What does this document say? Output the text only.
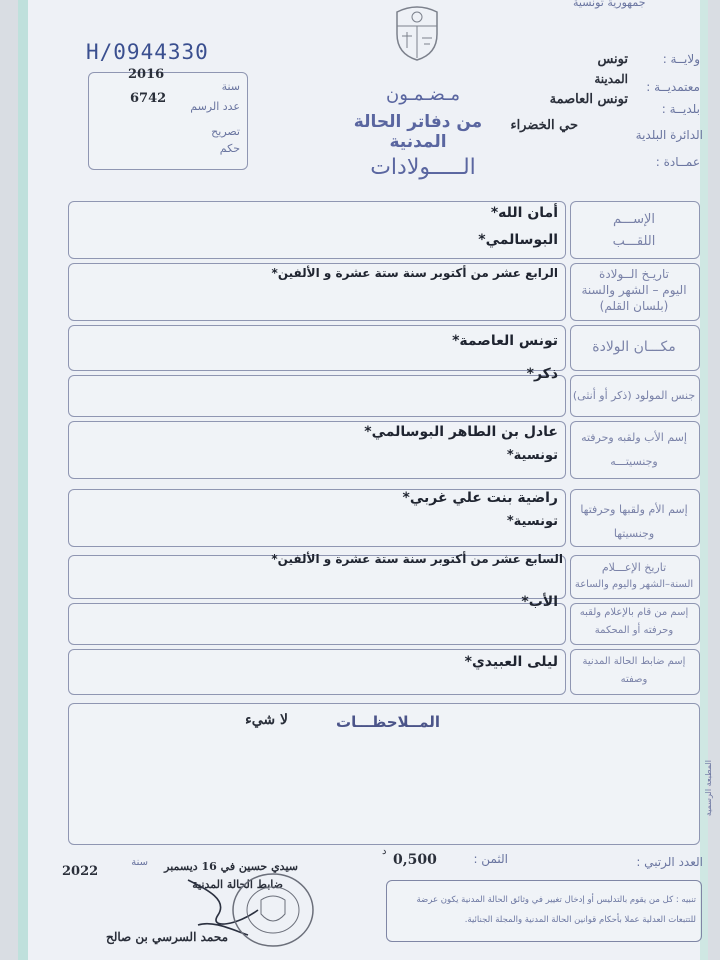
ﺟﻤﻬﻮﺭﻳﺔ ﺗﻮﻧﺴﻴﺔ
H/0944330
2016
6742
ﺳﻨﺔ
ﻋﺪﺩ ﺍﻟﺮﺳﻢ
ﺗﺼﺮﻳﺢ
ﺣﻜﻢ
ﻭﻻﻳــﺔ :
ﻣﻌﺘﻤﺪﻳــﺔ :
ﺑﻠﺪﻳــﺔ :
ﺍﻟﺪﺍﺋﺮﺓ ﺍﻟﺒﻠﺪﻳﺔ
ﻋﻤــﺎﺩﺓ :
ﺗﻮﻧﺲ
ﺍﻟﻤﺪﻳﻨﺔ
ﺗﻮﻧﺲ ﺍﻟﻌﺎﺻﻤﺔ
ﺣﻲ ﺍﻟﺨﻀﺮﺍﺀ
ﻣـﻀـﻤـﻮﻥ
ﻣﻦ ﺩﻓﺎﺗﺮ ﺍﻟﺤﺎﻟﺔ ﺍﻟﻤﺪﻧﻴﺔ
ﺍﻟـــــﻮﻻﺩﺍﺕ
ﺍﻹﺳـــﻢ
ﺍﻟﻠﻘـــﺐ
ﺃﻣﺎﻥ ﺍﻟﻠﻪ*
ﺍﻟﺒﻮﺳﺎﻟﻤﻲ*
ﺗﺎﺭﻳـﺦ ﺍﻟــﻮﻻﺩﺓ
ﺍﻟﻴﻮﻡ – ﺍﻟﺸﻬﺮ ﻭﺍﻟﺴﻨﺔ
(ﺑﻠﺴﺎﻥ ﺍﻟﻘﻠﻢ)
ﺍﻟﺮﺍﺑﻊ ﻋﺸﺮ ﻣﻦ ﺃﻛﺘﻮﺑﺮ ﺳﻨﺔ ﺳﺘﺔ ﻋﺸﺮﺓ ﻭ ﺍﻷﻟﻔﻴﻦ*
ﻣﻜـــﺎﻥ ﺍﻟﻮﻻﺩﺓ
ﺗﻮﻧﺲ ﺍﻟﻌﺎﺻﻤﺔ*
ﺟﻨﺲ ﺍﻟﻤﻮﻟﻮﺩ (ﺫﻛﺮ ﺃﻭ ﺃﻧﺜﻰ)
ﺫﻛﺮ*
ﺇﺳﻢ ﺍﻷﺏ ﻭﻟﻘﺒﻪ ﻭﺣﺮﻓﺘﻪ
ﻭﺟﻨﺴﻴﺘـــﻪ
ﻋﺎﺩﻝ ﺑﻦ ﺍﻟﻄﺎﻫﺮ ﺍﻟﺒﻮﺳﺎﻟﻤﻲ*
ﺗﻮﻧﺴﻴﺔ*
ﺇﺳﻢ ﺍﻷﻡ ﻭﻟﻘﺒﻬﺎ ﻭﺣﺮﻓﺘﻬﺎ
ﻭﺟﻨﺴﻴﺘﻬﺎ
ﺭﺍﺿﻴﺔ ﺑﻨﺖ ﻋﻠﻲ ﻏﺮﺑﻲ*
ﺗﻮﻧﺴﻴﺔ*
ﺗﺎﺭﻳﺦ ﺍﻹﻋـــﻼﻡ
ﺍﻟﺴﻨﺔ–ﺍﻟﺸﻬﺮ ﻭﺍﻟﻴﻮﻡ ﻭﺍﻟﺴﺎﻋﺔ
ﺍﻟﺴﺎﺑﻊ ﻋﺸﺮ ﻣﻦ ﺃﻛﺘﻮﺑﺮ ﺳﻨﺔ ﺳﺘﺔ ﻋﺸﺮﺓ ﻭ ﺍﻷﻟﻔﻴﻦ*
ﺇﺳﻢ ﻣﻦ ﻗﺎﻡ ﺑﺎﻹﻋﻼﻡ ﻭﻟﻘﺒﻪ
ﻭﺣﺮﻓﺘﻪ ﺃﻭ ﺍﻟﻤﺤﻜﻤﺔ
ﺍﻷﺏ*
ﺇﺳﻢ ﺿﺎﺑﻂ ﺍﻟﺤﺎﻟﺔ ﺍﻟﻤﺪﻧﻴﺔ
ﻭﺻﻔﺘﻪ
ﻟﻴﻠﻰ ﺍﻟﻌﺒﻴﺪﻱ*
ﺍﻟﻤــﻼﺣﻈـــﺎﺕ
ﻻ ﺷﻲﺀ
ﺍﻟﻤﻄﺒﻌﺔ ﺍﻟﺮﺳﻤﻴﺔ
ﺍﻟﻌﺪﺩ ﺍﻟﺮﺗﺒﻲ :
ﺍﻟﺜﻤﻦ :
0,500
ﺩ
ﺳﻴﺪﻱ ﺣﺴﻴﻦ ﻓﻲ 16 ﺩﻳﺴﻤﺒﺮ
ﺳﻨﺔ
2022
ﺿﺎﺑﻂ ﺍﻟﺤﺎﻟﺔ ﺍﻟﻤﺪﻧﻴﺔ
ﻣﺤﻤﺪ ﺍﻟﺴﺮﺳﻲ ﺑﻦ ﺻﺎﻟﺢ
ﺗﻨﺒﻴﻪ : ﻛﻞ ﻣﻦ ﻳﻘﻮﻡ ﺑﺎﻟﺘﺪﻟﻴﺲ ﺃﻭ ﺇﺩﺧﺎﻝ ﺗﻐﻴﻴﺮ ﻓﻲ ﻭﺛﺎﺋﻖ ﺍﻟﺤﺎﻟﺔ ﺍﻟﻤﺪﻧﻴﺔ ﻳﻜﻮﻥ ﻋﺮﺿﺔ
ﻟﻠﺘﺘﺒﻌﺎﺕ ﺍﻟﻌﺪﻟﻴﺔ ﻋﻤﻼ ﺑﺄﺣﻜﺎﻡ ﻗﻮﺍﻧﻴﻦ ﺍﻟﺤﺎﻟﺔ ﺍﻟﻤﺪﻧﻴﺔ ﻭﺍﻟﻤﺠﻠﺔ ﺍﻟﺠﻨﺎﺋﻴﺔ.
